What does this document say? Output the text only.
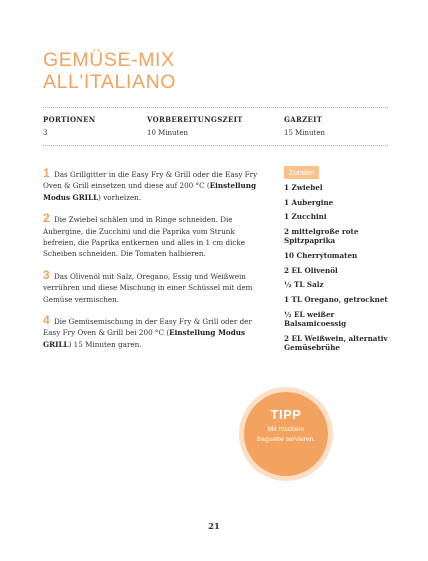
GEMÜSE-MIX
ALL'ITALIANO
PORTIONEN
3
VORBEREITUNGSZEIT
10 Minuten
GARZEIT
15 Minuten

1 Das Grillgitter in die Easy Fry & Grill oder die Easy Fry Oven & Grill einsetzen und diese auf 200 °C (Einstellung Modus GRILL) vorheizen.

2 Die Zwiebel schälen und in Ringe schneiden. Die Aubergine, die Zucchini und die Paprika vom Strunk befreien, die Paprika entkernen und alles in 1 cm dicke Scheiben schneiden. Die Tomaten halbieren.

3 Das Olivenöl mit Salz, Oregano, Essig und Weißwein verrühren und diese Mischung in einer Schüssel mit dem Gemüse vermischen.

4 Die Gemüsemischung in der Easy Fry & Grill oder der Easy Fry Oven & Grill bei 200 °C (Einstellung Modus GRILL) 15 Minuten garen.

Zutaten
1 Zwiebel
1 Aubergine
1 Zucchini
2 mittelgroße rote Spitzpaprika
10 Cherrytomaten
2 EL Olivenöl
½ TL Salz
1 TL Oregano, getrocknet
½ EL weißer Balsamicoessig
2 EL Weißwein, alternativ Gemüsebrühe
TIPP
Mit frischem Baguette servieren.
21
